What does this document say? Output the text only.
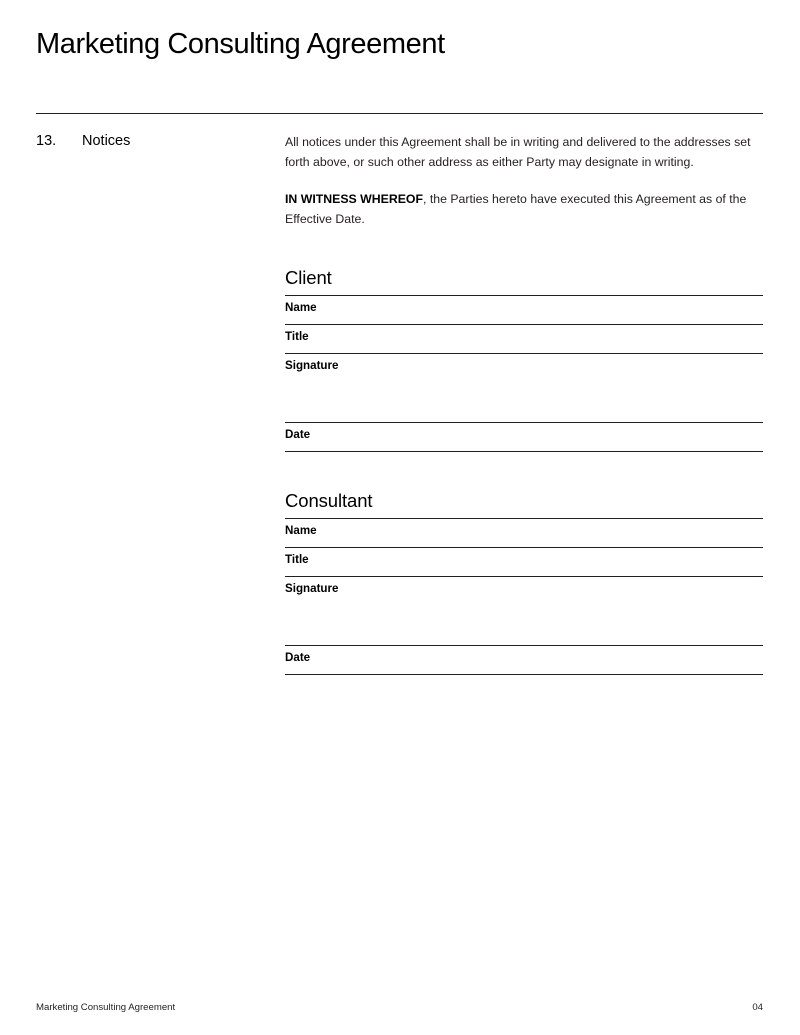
Marketing Consulting Agreement
13.	Notices	All notices under this Agreement shall be in writing and delivered to the addresses set forth above, or such other address as either Party may designate in writing.

IN WITNESS WHEREOF, the Parties hereto have executed this Agreement as of the Effective Date.

Client
Name
Title
Signature
Date
Consultant
Name
Title
Signature
Date
Marketing Consulting Agreement	04
